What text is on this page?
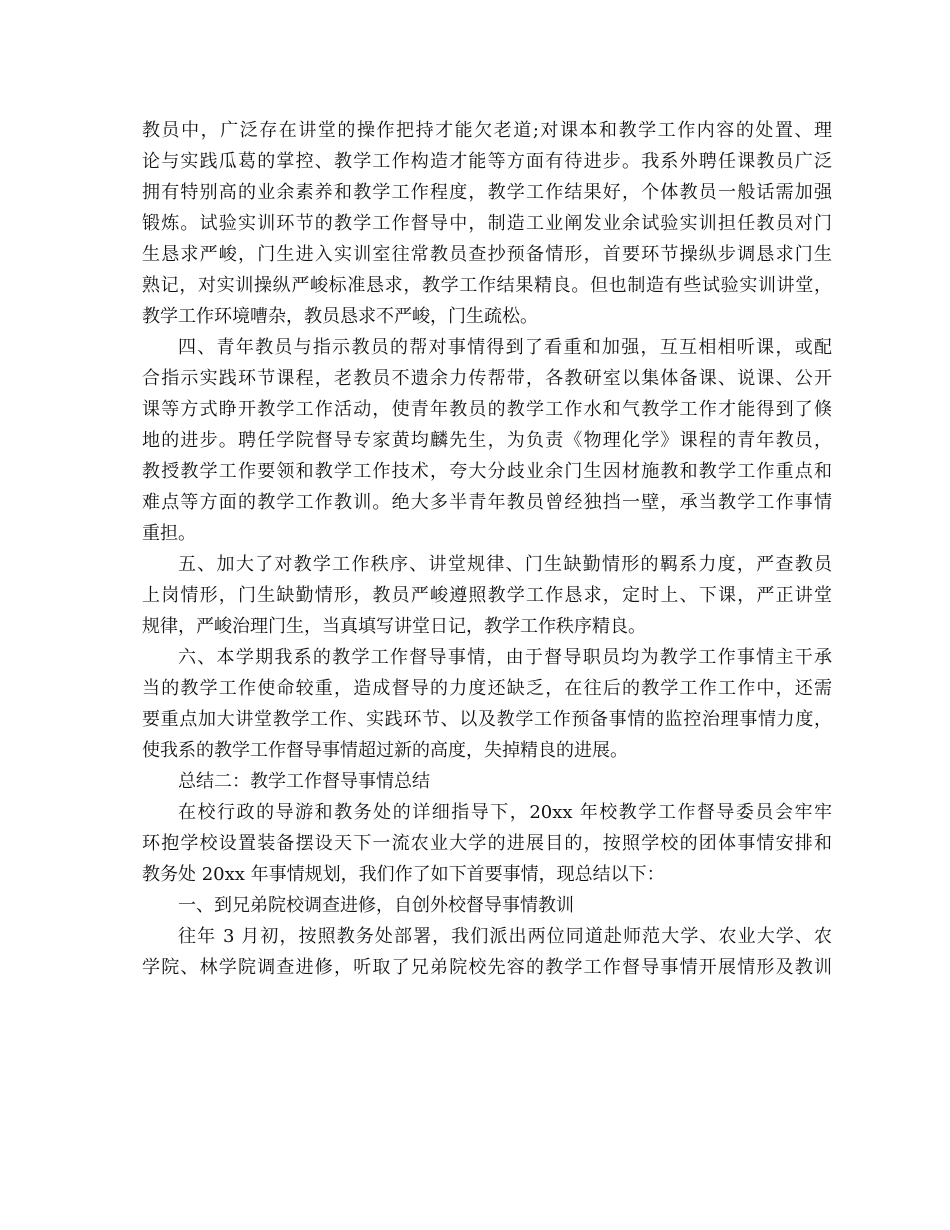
教员中，广泛存在讲堂的操作把持才能欠老道;对课本和教学工作内容的处置、理
论与实践瓜葛的掌控、教学工作构造才能等方面有待进步。我系外聘任课教员广泛
拥有特别高的业余素养和教学工作程度，教学工作结果好，个体教员一般话需加强
锻炼。试验实训环节的教学工作督导中，制造工业阐发业余试验实训担任教员对门
生恳求严峻，门生进入实训室往常教员查抄预备情形，首要环节操纵步调恳求门生
熟记，对实训操纵严峻标准恳求，教学工作结果精良。但也制造有些试验实训讲堂，
教学工作环境嘈杂，教员恳求不严峻，门生疏松。
四、青年教员与指示教员的帮对事情得到了看重和加强，互互相相听课，或配
合指示实践环节课程，老教员不遗余力传帮带，各教研室以集体备课、说课、公开
课等方式睁开教学工作活动，使青年教员的教学工作水和气教学工作才能得到了倏
地的进步。聘任学院督导专家黄均麟先生，为负责《物理化学》课程的青年教员，
教授教学工作要领和教学工作技术，夸大分歧业余门生因材施教和教学工作重点和
难点等方面的教学工作教训。绝大多半青年教员曾经独挡一壁，承当教学工作事情
重担。
五、加大了对教学工作秩序、讲堂规律、门生缺勤情形的羁系力度，严查教员
上岗情形，门生缺勤情形，教员严峻遵照教学工作恳求，定时上、下课，严正讲堂
规律，严峻治理门生，当真填写讲堂日记，教学工作秩序精良。
六、本学期我系的教学工作督导事情，由于督导职员均为教学工作事情主干承
当的教学工作使命较重，造成督导的力度还缺乏，在往后的教学工作工作中，还需
要重点加大讲堂教学工作、实践环节、以及教学工作预备事情的监控治理事情力度，
使我系的教学工作督导事情超过新的高度，失掉精良的进展。
总结二：教学工作督导事情总结
在校行政的导游和教务处的详细指导下，20xx 年校教学工作督导委员会牢牢
环抱学校设置装备摆设天下一流农业大学的进展目的，按照学校的团体事情安排和
教务处 20xx 年事情规划，我们作了如下首要事情，现总结以下：
一、到兄弟院校调查进修，自创外校督导事情教训
往年 3 月初，按照教务处部署，我们派出两位同道赴师范大学、农业大学、农
学院、林学院调查进修，听取了兄弟院校先容的教学工作督导事情开展情形及教训
